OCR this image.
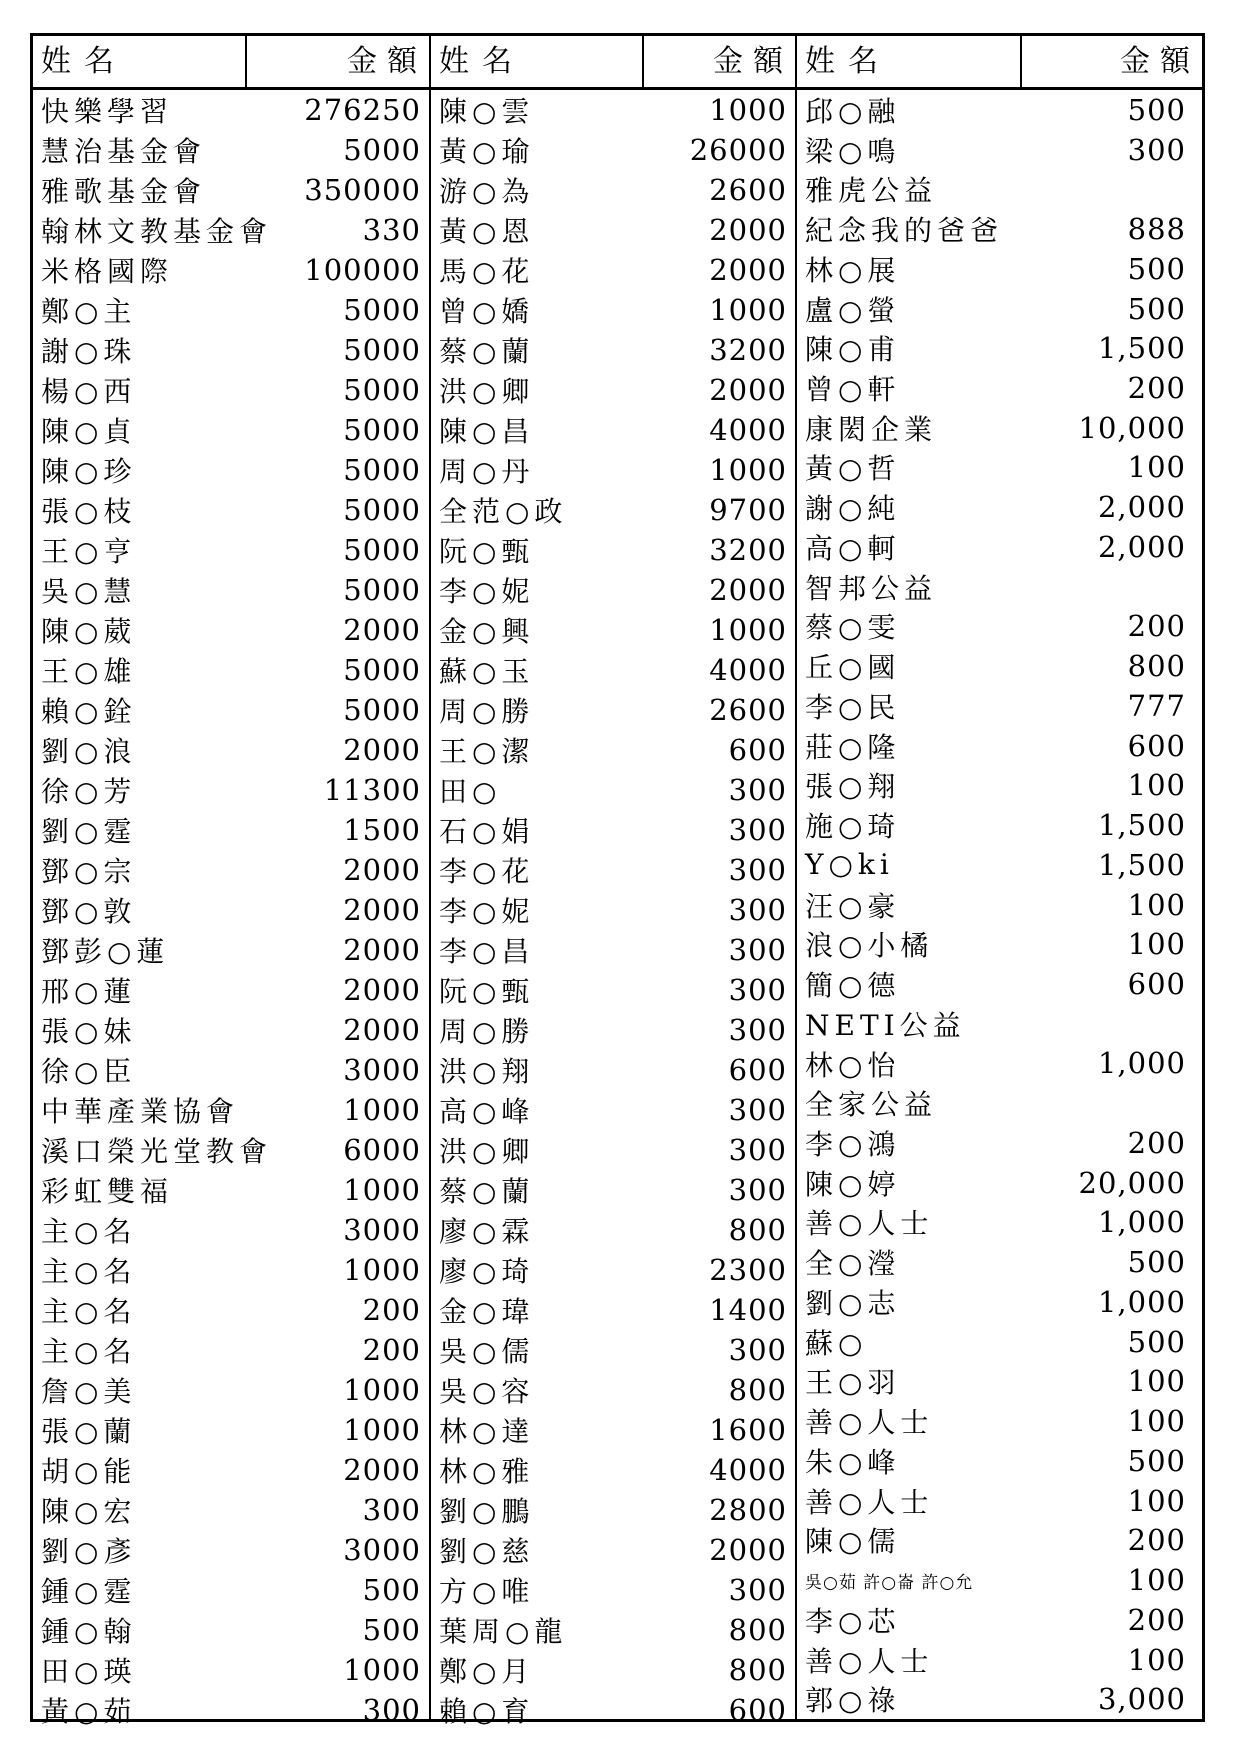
姓名	金額
快樂學習	276250
慧治基金會	5000
雅歌基金會	350000
翰林文教基金會	330
米格國際	100000
鄭○主	5000
謝○珠	5000
楊○西	5000
陳○貞	5000
陳○珍	5000
張○枝	5000
王○亨	5000
吳○慧	5000
陳○葳	2000
王○雄	5000
賴○銓	5000
劉○浪	2000
徐○芳	11300
劉○霆	1500
鄧○宗	2000
鄧○敦	2000
鄧彭○蓮	2000
邢○蓮	2000
張○妹	2000
徐○臣	3000
中華產業協會	1000
溪口榮光堂教會 6000
彩虹雙福	1000
主○名	3000
主○名	1000
主○名	200
主○名	200
詹○美	1000
張○蘭	1000
胡○能	2000
陳○宏	300
劉○彥	3000
鍾○霆	500
鍾○翰	500
田○瑛	1000
黃○茹	300
姓名	金額
陳○雲	1000
黃○瑜	26000
游○為	2600
黃○恩	2000
馬○花	2000
曾○嬌	1000
蔡○蘭	3200
洪○卿	2000
陳○昌	4000
周○丹	1000
全范○政	9700
阮○甄	3200
李○妮	2000
金○興	1000
蘇○玉	4000
周○勝	2600
王○潔	600
田○	300
石○娟	300
李○花	300
李○妮	300
李○昌	300
阮○甄	300
周○勝	300
洪○翔	600
高○峰	300
洪○卿	300
蔡○蘭	300
廖○霖	800
廖○琦	2300
金○瑋	1400
吳○儒	300
吳○容	800
林○達	1600
林○雅	4000
劉○鵬	2800
劉○慈	2000
方○唯	300
葉周○龍	800
鄭○月	800
賴○育	600
姓名	金額
邱○融	500
梁○鳴	300
雅虎公益
紀念我的爸爸	888
林○展	500
盧○螢	500
陳○甫	1,500
曾○軒	200
康閎企業	10,000
黃○哲	100
謝○純	2,000
高○軻	2,000
智邦公益
蔡○雯	200
丘○國	800
李○民	777
莊○隆	600
張○翔	100
施○琦	1,500
Y○ki	1,500
汪○豪	100
浪○小橘	100
簡○德	600
NETI公益
林○怡	1,000
全家公益
李○鴻	200
陳○婷	20,000
善○人士	1,000
全○瀅	500
劉○志	1,000
蘇○	500
王○羽	100
善○人士	100
朱○峰	500
善○人士	100
陳○儒	200
吳○茹 許○崙 許○允	100
李○芯	200
善○人士	100
郭○祿	3,000
